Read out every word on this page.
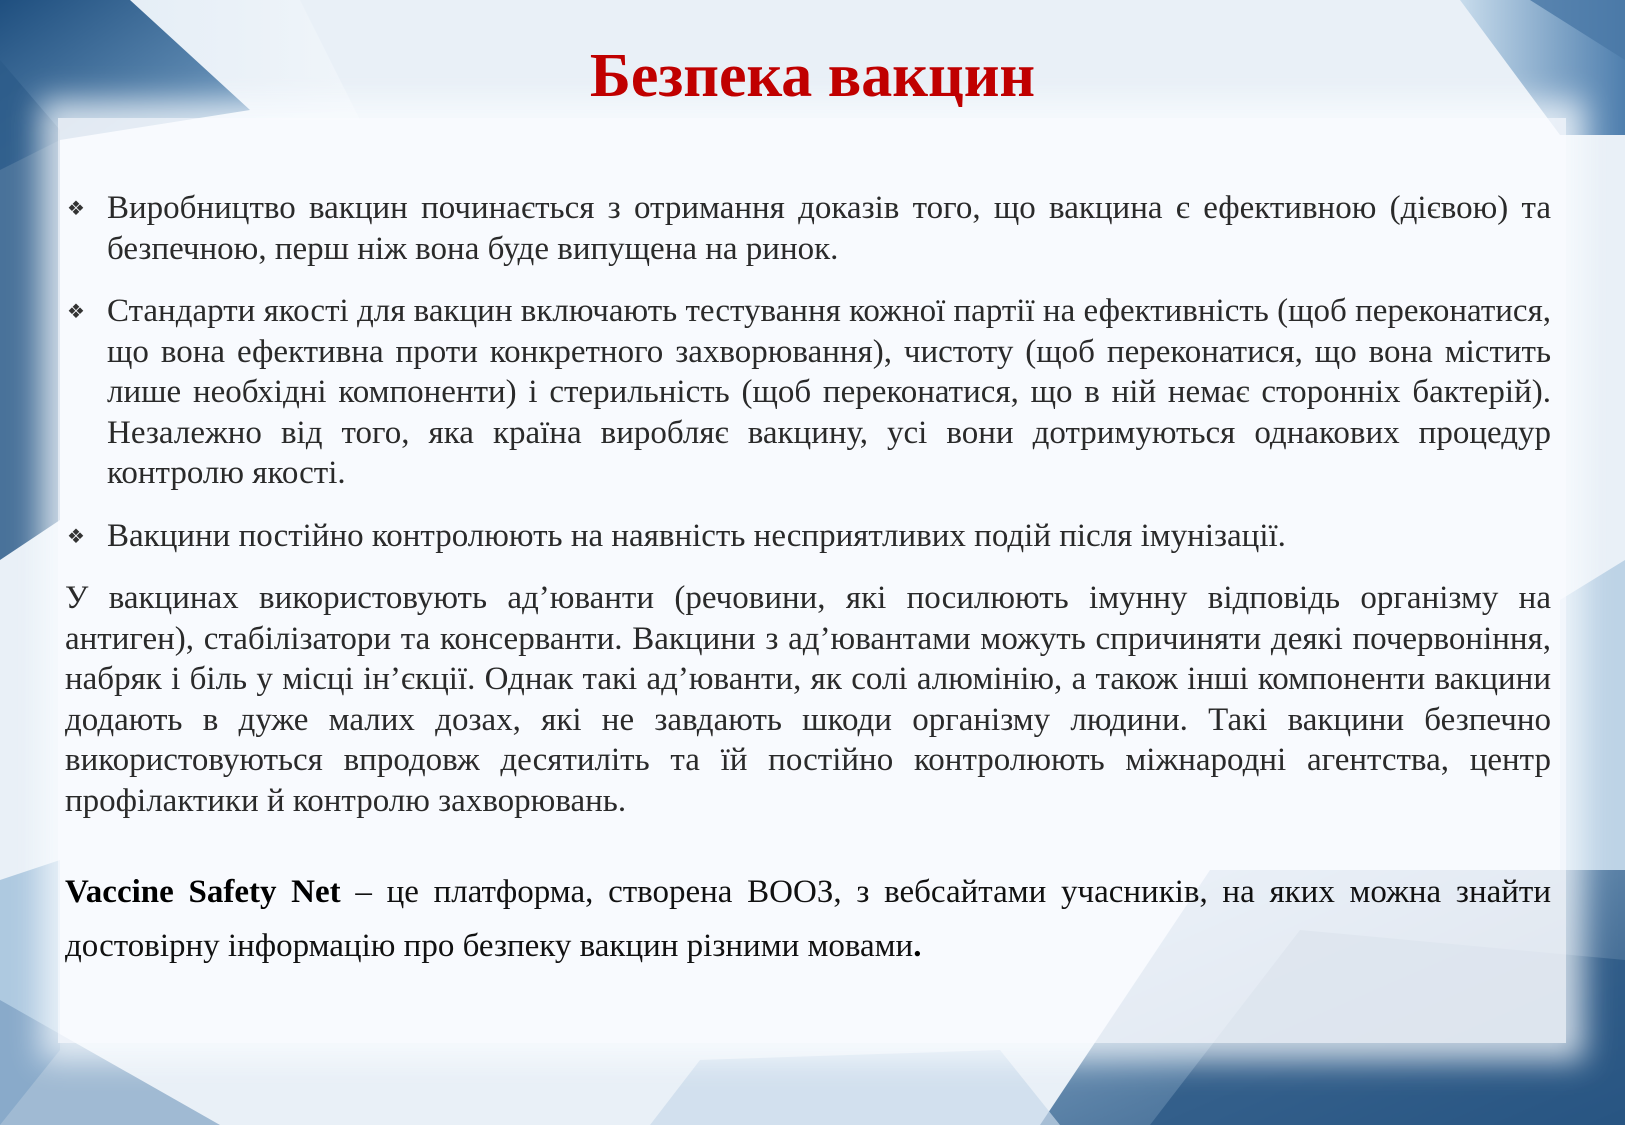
Безпека вакцин
❖ Виробництво вакцин починається з отримання доказів того, що вакцина є ефективною (дієвою) та безпечною, перш ніж вона буде випущена на ринок.
❖ Стандарти якості для вакцин включають тестування кожної партії на ефективність (щоб переконатися, що вона ефективна проти конкретного захворювання), чистоту (щоб переконатися, що вона містить лише необхідні компоненти) і стерильність (щоб переконатися, що в ній немає сторонніх бактерій). Незалежно від того, яка країна виробляє вакцину, усі вони дотримуються однакових процедур контролю якості.
❖ Вакцини постійно контролюють на наявність несприятливих подій після імунізації.

У вакцинах використовують ад’юванти (речовини, які посилюють імунну відповідь організму на антиген), стабілізатори та консерванти. Вакцини з ад’ювантами можуть спричиняти деякі почервоніння, набряк і біль у місці ін’єкції. Однак такі ад’юванти, як солі алюмінію, а також інші компоненти вакцини додають в дуже малих дозах, які не завдають шкоди організму людини. Такі вакцини безпечно використовуються впродовж десятиліть та їй постійно контролюють міжнародні агентства, центр профілактики й контролю захворювань.

Vaccine Safety Net – це платформа, створена ВООЗ, з вебсайтами учасників, на яких можна знайти достовірну інформацію про безпеку вакцин різними мовами.
